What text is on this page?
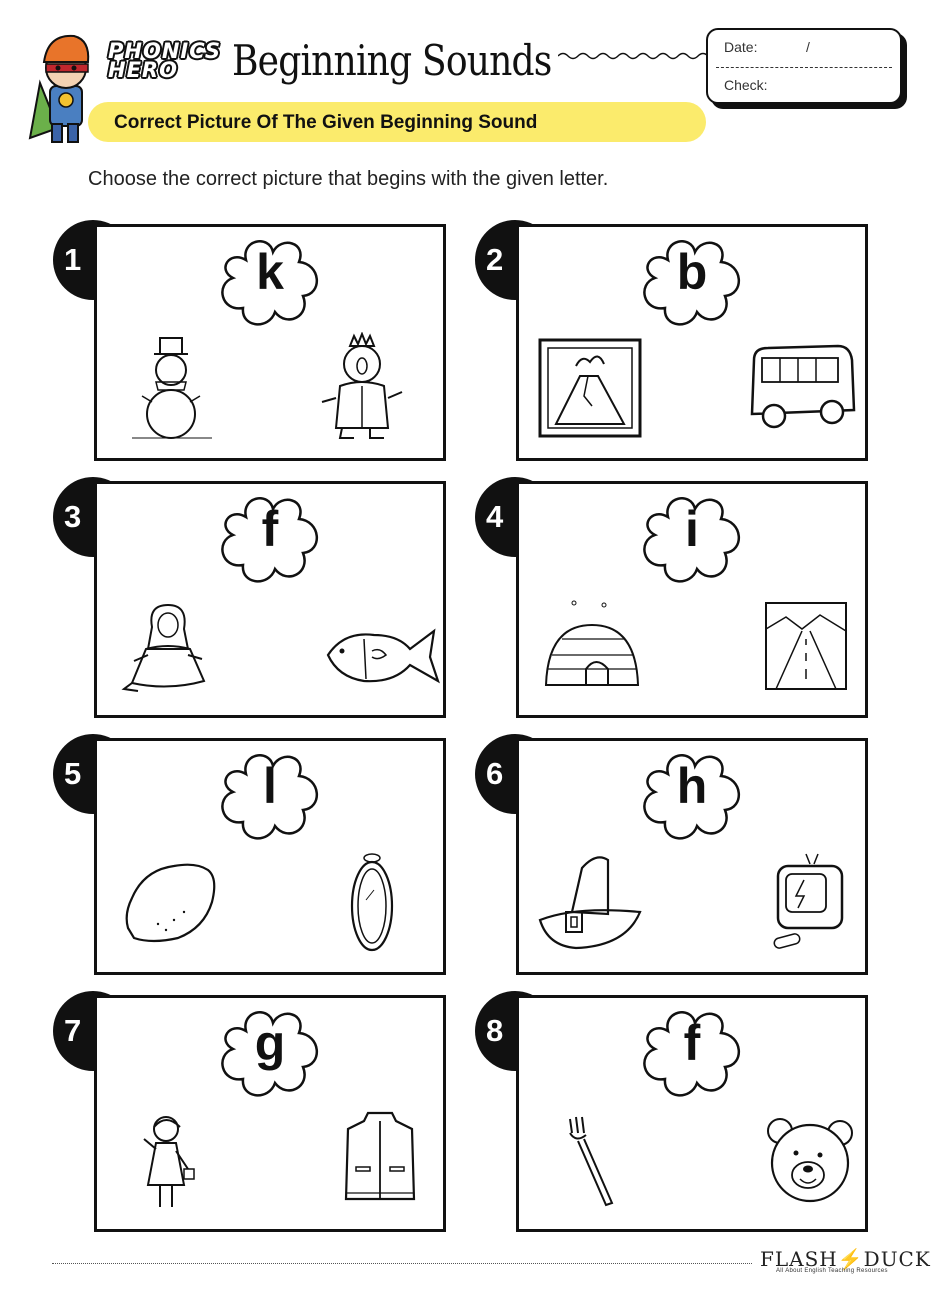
PHONICS
HERO	Beginning Sounds	Date:	/
Check:
Correct Picture Of The Given Beginning Sound
Choose the correct picture that begins with the given letter.
1	k	2	b
3	f	4	i
5	l	6	h
7	g	8	f
FLASH⚡DUCK
All About English Teaching Resources
